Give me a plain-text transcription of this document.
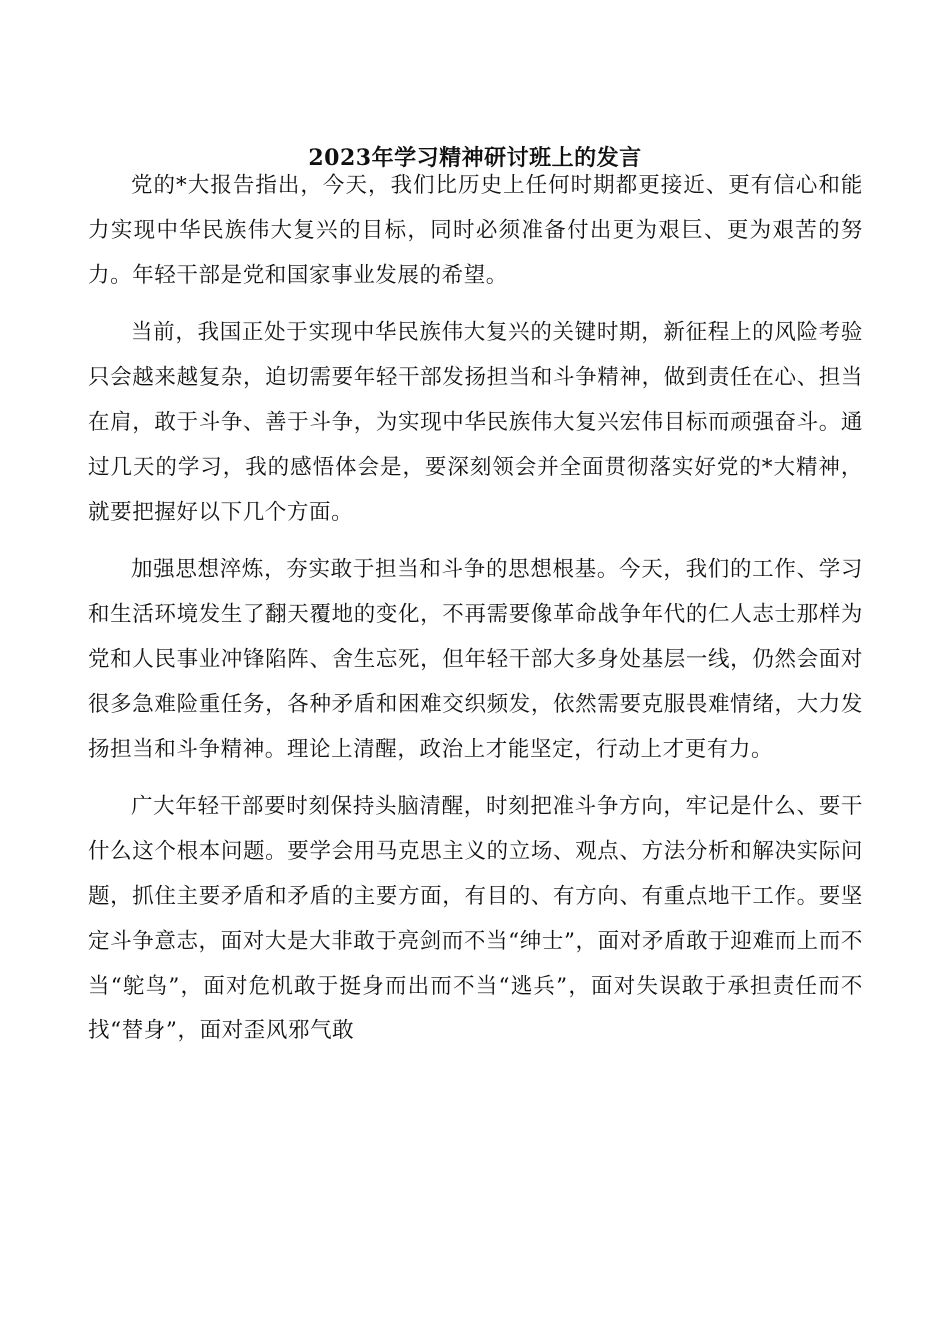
2023年学习精神研讨班上的发言

党的*大报告指出，今天，我们比历史上任何时期都更接近、更有信心和能力实现中华民族伟大复兴的目标，同时必须准备付出更为艰巨、更为艰苦的努力。年轻干部是党和国家事业发展的希望。

当前，我国正处于实现中华民族伟大复兴的关键时期，新征程上的风险考验只会越来越复杂，迫切需要年轻干部发扬担当和斗争精神，做到责任在心、担当在肩，敢于斗争、善于斗争，为实现中华民族伟大复兴宏伟目标而顽强奋斗。通过几天的学习，我的感悟体会是，要深刻领会并全面贯彻落实好党的*大精神，就要把握好以下几个方面。

加强思想淬炼，夯实敢于担当和斗争的思想根基。今天，我们的工作、学习和生活环境发生了翻天覆地的变化，不再需要像革命战争年代的仁人志士那样为党和人民事业冲锋陷阵、舍生忘死，但年轻干部大多身处基层一线，仍然会面对很多急难险重任务，各种矛盾和困难交织频发，依然需要克服畏难情绪，大力发扬担当和斗争精神。理论上清醒，政治上才能坚定，行动上才更有力。

广大年轻干部要时刻保持头脑清醒，时刻把准斗争方向，牢记是什么、要干什么这个根本问题。要学会用马克思主义的立场、观点、方法分析和解决实际问题，抓住主要矛盾和矛盾的主要方面，有目的、有方向、有重点地干工作。要坚定斗争意志，面对大是大非敢于亮剑而不当“绅士”，面对矛盾敢于迎难而上而不当“鸵鸟”，面对危机敢于挺身而出而不当“逃兵”，面对失误敢于承担责任而不找“替身”，面对歪风邪气敢
